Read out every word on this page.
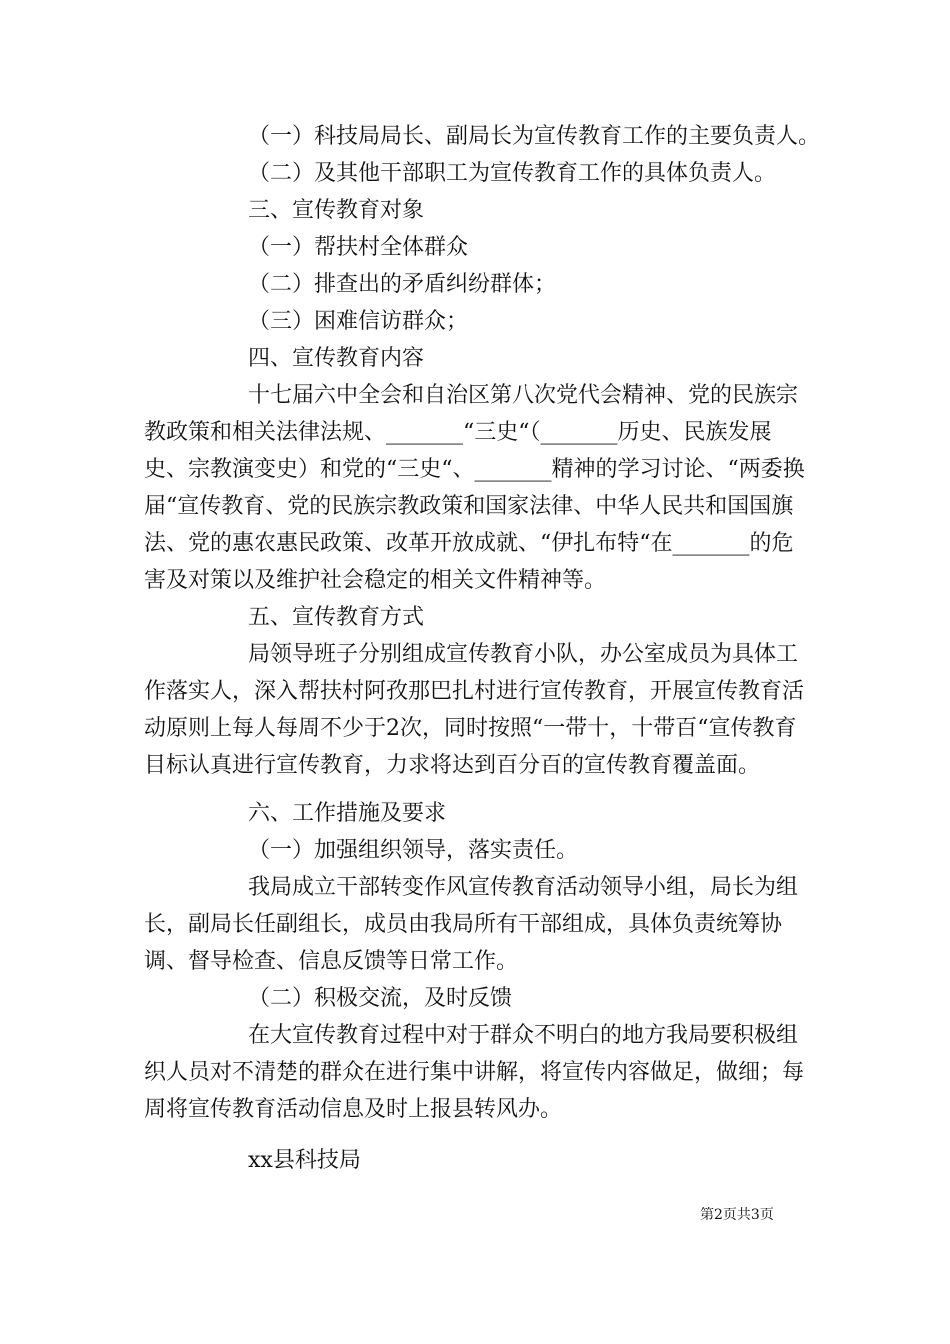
（一）科技局局长、副局长为宣传教育工作的主要负责人。

（二）及其他干部职工为宣传教育工作的具体负责人。

三、宣传教育对象

（一）帮扶村全体群众

（二）排查出的矛盾纠纷群体；

（三）困难信访群众；

四、宣传教育内容

十七届六中全会和自治区第八次党代会精神、党的民族宗教政策和相关法律法规、_______“三史“（_______历史、民族发展史、宗教演变史）和党的“三史“、_______精神的学习讨论、“两委换届“宣传教育、党的民族宗教政策和国家法律、中华人民共和国国旗法、党的惠农惠民政策、改革开放成就、“伊扎布特“在_______的危害及对策以及维护社会稳定的相关文件精神等。

五、宣传教育方式

局领导班子分别组成宣传教育小队，办公室成员为具体工作落实人，深入帮扶村阿孜那巴扎村进行宣传教育，开展宣传教育活动原则上每人每周不少于2次，同时按照“一带十，十带百“宣传教育目标认真进行宣传教育，力求将达到百分百的宣传教育覆盖面。

六、工作措施及要求

（一）加强组织领导，落实责任。

我局成立干部转变作风宣传教育活动领导小组，局长为组长，副局长任副组长，成员由我局所有干部组成，具体负责统筹协调、督导检查、信息反馈等日常工作。

（二）积极交流，及时反馈

在大宣传教育过程中对于群众不明白的地方我局要积极组织人员对不清楚的群众在进行集中讲解，将宣传内容做足，做细；每周将宣传教育活动信息及时上报县转风办。

xx县科技局

第2页共3页
